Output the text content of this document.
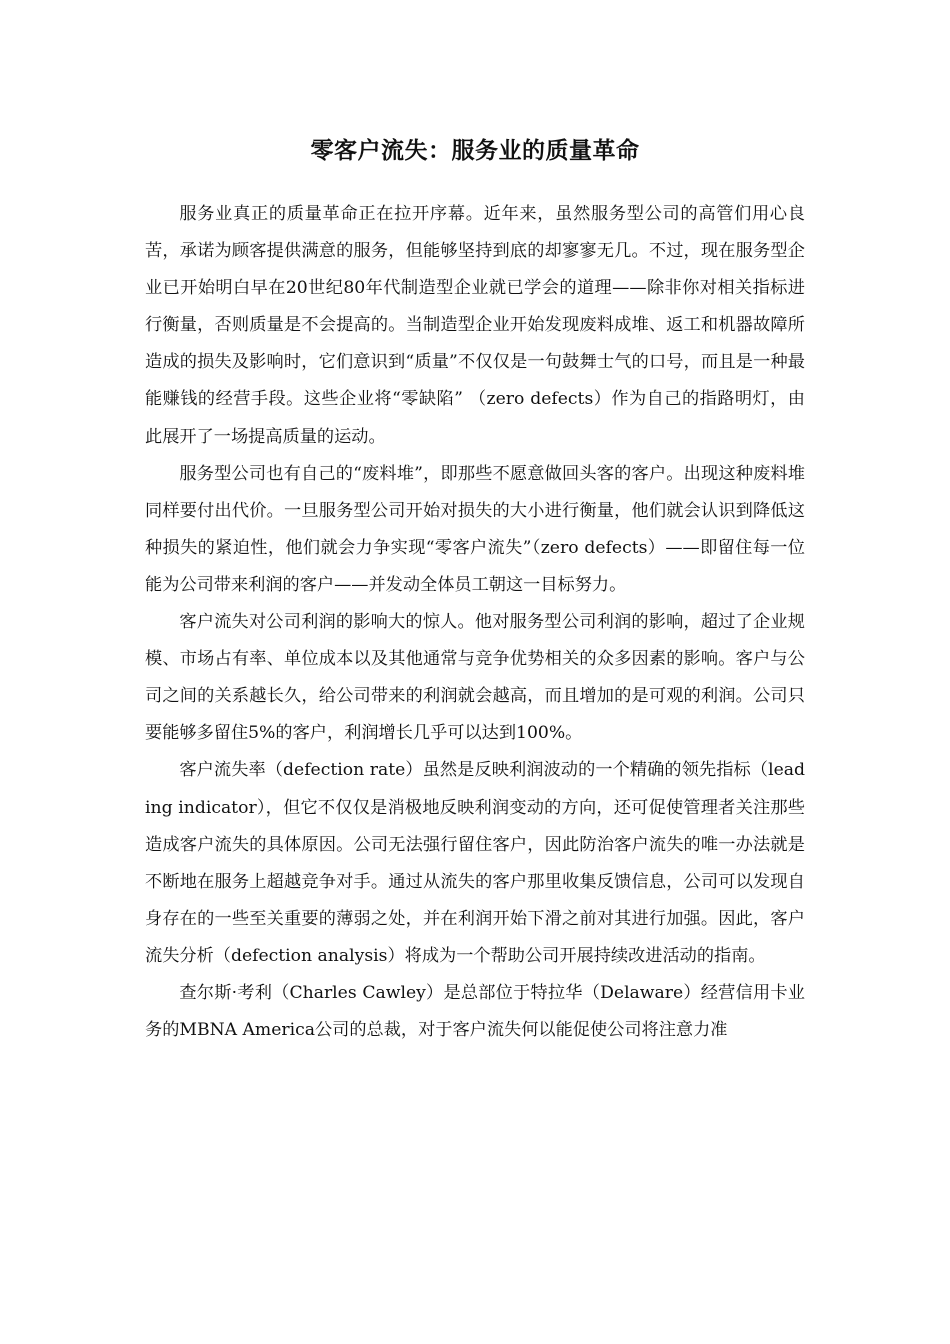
零客户流失：服务业的质量革命

服务业真正的质量革命正在拉开序幕。近年来，虽然服务型公司的高管们用心良苦，承诺为顾客提供满意的服务，但能够坚持到底的却寥寥无几。不过，现在服务型企业已开始明白早在20世纪80年代制造型企业就已学会的道理——除非你对相关指标进行衡量，否则质量是不会提高的。当制造型企业开始发现废料成堆、返工和机器故障所造成的损失及影响时，它们意识到“质量”不仅仅是一句鼓舞士气的口号，而且是一种最能赚钱的经营手段。这些企业将“零缺陷” （zero defects）作为自己的指路明灯，由此展开了一场提高质量的运动。

服务型公司也有自己的“废料堆”，即那些不愿意做回头客的客户。出现这种废料堆同样要付出代价。一旦服务型公司开始对损失的大小进行衡量，他们就会认识到降低这种损失的紧迫性，他们就会力争实现“零客户流失”（zero defects）——即留住每一位能为公司带来利润的客户——并发动全体员工朝这一目标努力。

客户流失对公司利润的影响大的惊人。他对服务型公司利润的影响，超过了企业规模、市场占有率、单位成本以及其他通常与竞争优势相关的众多因素的影响。客户与公司之间的关系越长久，给公司带来的利润就会越高，而且增加的是可观的利润。公司只要能够多留住5%的客户，利润增长几乎可以达到100%。

客户流失率（defection rate）虽然是反映利润波动的一个精确的领先指标（leading indicator），但它不仅仅是消极地反映利润变动的方向，还可促使管理者关注那些造成客户流失的具体原因。公司无法强行留住客户，因此防治客户流失的唯一办法就是不断地在服务上超越竞争对手。通过从流失的客户那里收集反馈信息，公司可以发现自身存在的一些至关重要的薄弱之处，并在利润开始下滑之前对其进行加强。因此，客户流失分析（defection analysis）将成为一个帮助公司开展持续改进活动的指南。

查尔斯·考利（Charles Cawley）是总部位于特拉华（Delaware）经营信用卡业务的MBNA America公司的总裁，对于客户流失何以能促使公司将注意力准
